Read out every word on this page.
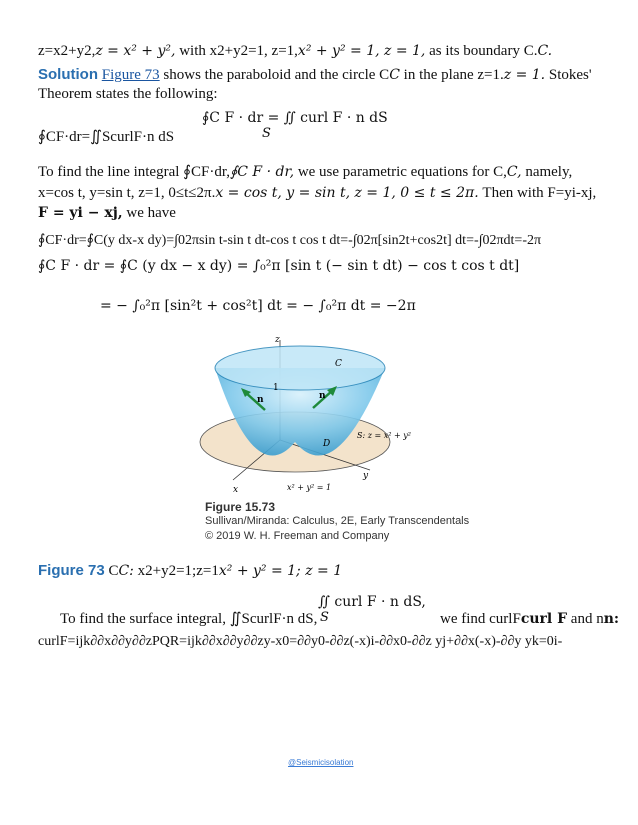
z=x2+y2,z = x² + y², with x2+y2=1, z=1,x² + y² = 1, z = 1, as its boundary C.C.
Solution Figure 73 shows the paraboloid and the circle CC in the plane z=1.z = 1. Stokes'
Theorem states the following:
∮C F · dr = ∬ curl F · n dS
S
∮CF·dr=∬ScurlF·n dS
To find the line integral ∮CF·dr,∮C F · dr, we use parametric equations for C,C, namely,
x=cos t, y=sin t, z=1, 0≤t≤2π.x = cos t, y = sin t, z = 1, 0 ≤ t ≤ 2π. Then with F=yi-xj,
F = yi − xj, we have
∮CF·dr=∮C(y dx-x dy)=∫02πsin t-sin t dt-cos t cos t dt=-∫02π[sin2t+cos2t] dt=-∫02πdt=-2π
∮C F · dr = ∮C (y dx − x dy) = ∫₀²π [sin t (− sin t dt) − cos t cos t dt]
= − ∫₀²π [sin²t + cos²t] dt = − ∫₀²π dt = −2π
z
x
y
C
n	n
1
D
S: z = x² + y²
x² + y² = 1
Figure 15.73
Sullivan/Miranda: Calculus, 2E, Early Transcendentals
© 2019 W. H. Freeman and Company
Figure 73 CC: x2+y2=1;z=1x² + y² = 1; z = 1
∬ curl F · n dS,
S
To find the surface integral, ∬ScurlF·n dS,	we find curlFcurl F and nn:
curlF=ijk∂∂x∂∂y∂∂zPQR=ijk∂∂x∂∂y∂∂zy-x0=∂∂y0-∂∂z(-x)i-∂∂x0-∂∂z yj+∂∂x(-x)-∂∂y yk=0i-
@Seismicisolation
